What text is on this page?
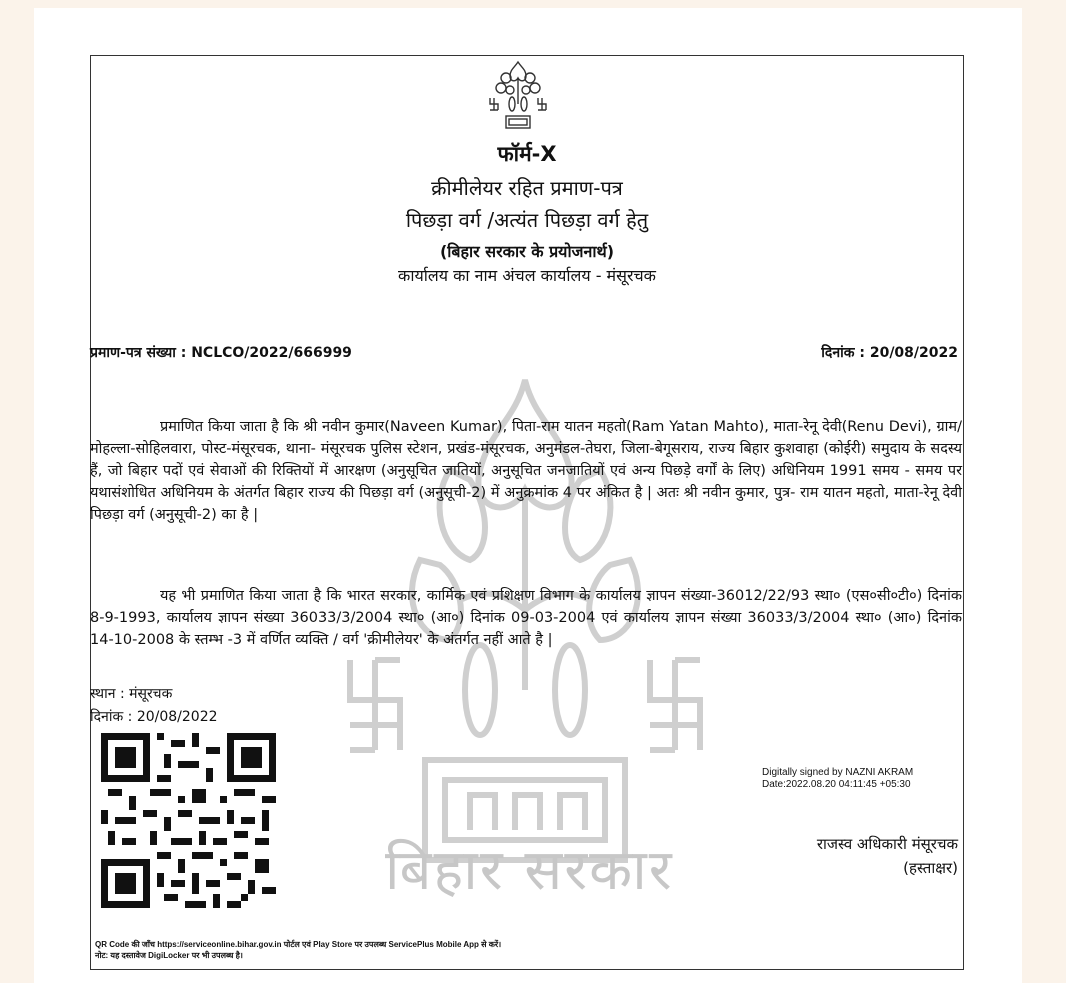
बिहार सरकार
फॉर्म-X
क्रीमीलेयर रहित प्रमाण-पत्र
पिछड़ा वर्ग /अत्यंत पिछड़ा वर्ग हेतु
(बिहार सरकार के प्रयोजनार्थ)
कार्यालय का नाम अंचल कार्यालय - मंसूरचक
प्रमाण-पत्र संख्या : NCLCO/2022/666999	दिनांक : 20/08/2022
प्रमाणित किया जाता है कि श्री नवीन कुमार(Naveen Kumar), पिता-राम यातन महतो(Ram Yatan Mahto), माता-रेनू देवी(Renu Devi), ग्राम/मोहल्ला-सोहिलवारा, पोस्ट-मंसूरचक, थाना- मंसूरचक पुलिस स्टेशन, प्रखंड-मंसूरचक, अनुमंडल-तेघरा, जिला-बेगूसराय, राज्य बिहार कुशवाहा (कोईरी) समुदाय के सदस्य हैं, जो बिहार पदों एवं सेवाओं की रिक्तियों में आरक्षण (अनुसूचित जातियों, अनुसूचित जनजातियों एवं अन्य पिछड़े वर्गों के लिए) अधिनियम 1991 समय - समय पर यथासंशोधित अधिनियम के अंतर्गत बिहार राज्य की पिछड़ा वर्ग (अनुसूची-2) में अनुक्रमांक 4 पर अंकित है | अतः श्री नवीन कुमार, पुत्र- राम यातन महतो, माता-रेनू देवी पिछड़ा वर्ग (अनुसूची-2) का है |
यह भी प्रमाणित किया जाता है कि भारत सरकार, कार्मिक एवं प्रशिक्षण विभाग के कार्यालय ज्ञापन संख्या-36012/22/93 स्था० (एस०सी०टी०) दिनांक 8-9-1993, कार्यालय ज्ञापन संख्या 36033/3/2004 स्था० (आ०) दिनांक 09-03-2004 एवं कार्यालय ज्ञापन संख्या 36033/3/2004 स्था० (आ०) दिनांक 14-10-2008 के स्तम्भ -3 में वर्णित व्यक्ति / वर्ग 'क्रीमीलेयर' के अंतर्गत नहीं आते है |
स्थान : मंसूरचक
दिनांक : 20/08/2022
Digitally signed by NAZNI AKRAM
Date:2022.08.20 04:11:45 +05:30
राजस्व अधिकारी मंसूरचक
(हस्ताक्षर)
QR Code की जाँच https://serviceonline.bihar.gov.in पोर्टल एवं Play Store पर उपलब्ध ServicePlus Mobile App से करें।
नोट: यह दस्तावेज DigiLocker पर भी उपलब्ध है।
